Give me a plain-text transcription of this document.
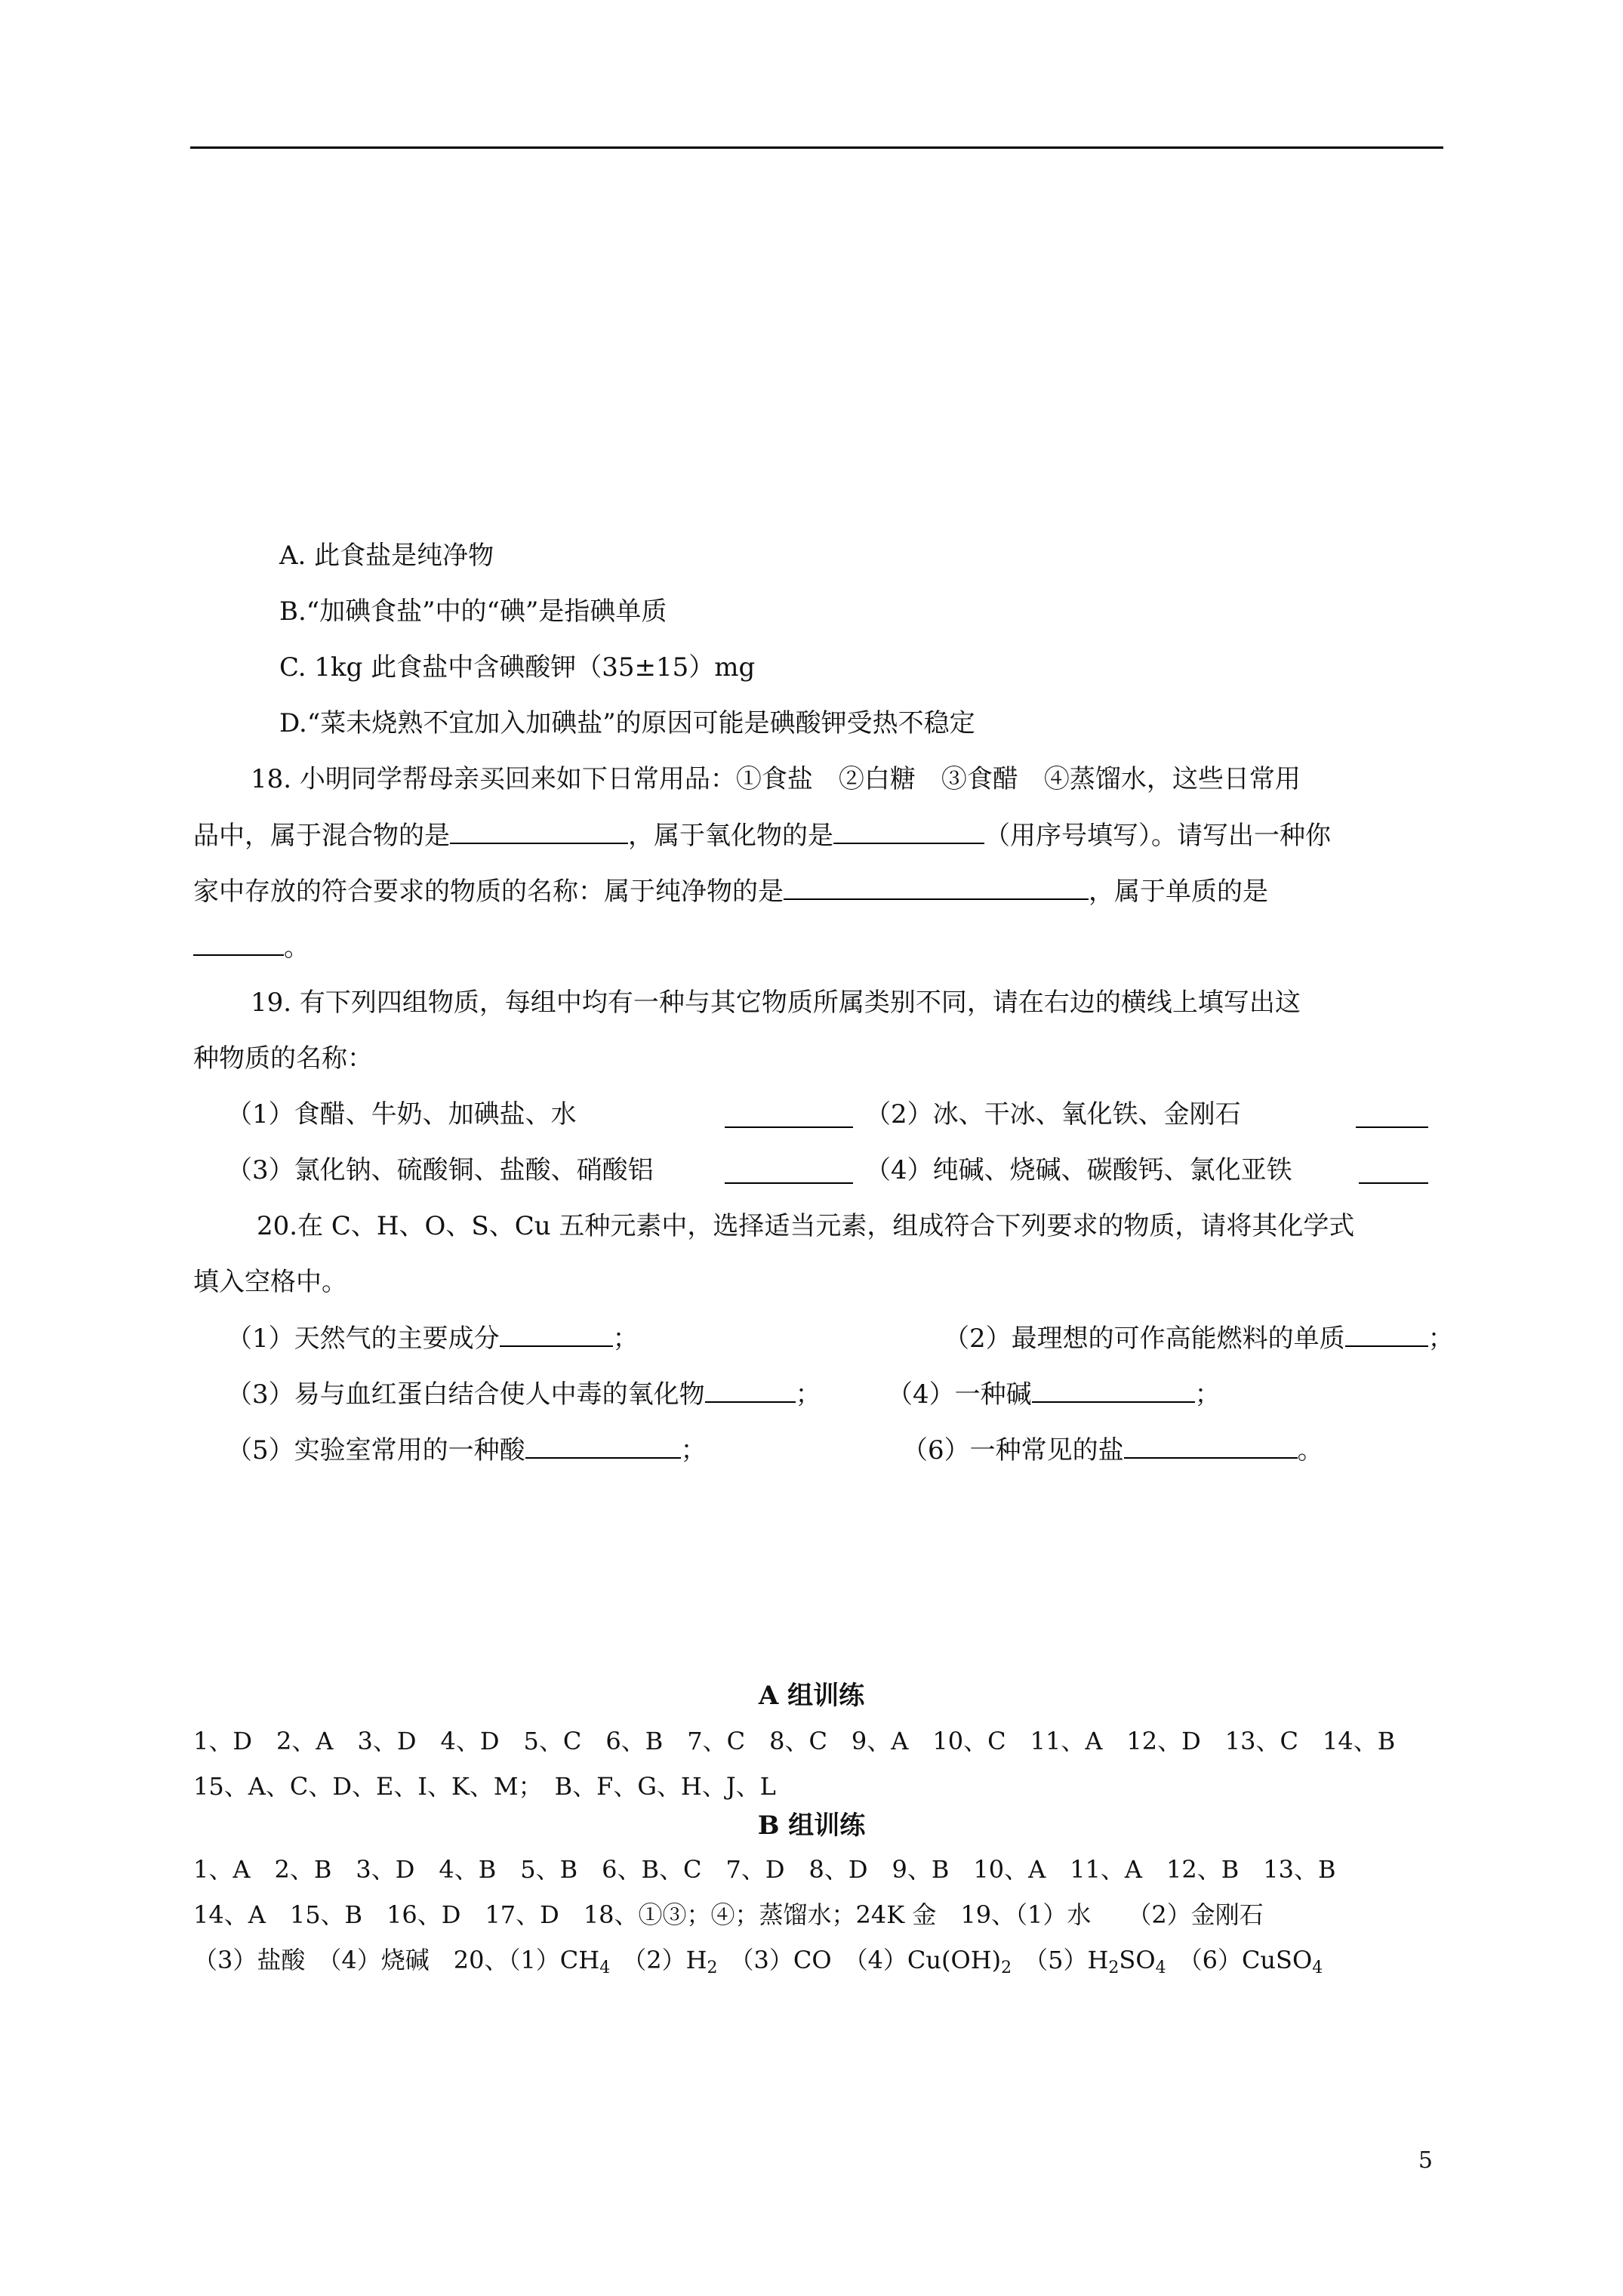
A. 此食盐是纯净物
B.“加碘食盐”中的“碘”是指碘单质
C. 1kg 此食盐中含碘酸钾（35±15）mg
D.“菜未烧熟不宜加入加碘盐”的原因可能是碘酸钾受热不稳定
18. 小明同学帮母亲买回来如下日常用品：①食盐　②白糖　③食醋　④蒸馏水，这些日常用
品中，属于混合物的是	，属于氧化物的是	（用序号填写）。请写出一种你
家中存放的符合要求的物质的名称：属于纯净物的是	，属于单质的是
。
19. 有下列四组物质，每组中均有一种与其它物质所属类别不同，请在右边的横线上填写出这
种物质的名称：
（1）食醋、牛奶、加碘盐、水	（2）冰、干冰、氧化铁、金刚石
（3）氯化钠、硫酸铜、盐酸、硝酸铝	（4）纯碱、烧碱、碳酸钙、氯化亚铁
20.在 C、H、O、S、Cu 五种元素中，选择适当元素，组成符合下列要求的物质，请将其化学式
填入空格中。
（1）天然气的主要成分	；	（2）最理想的可作高能燃料的单质	；
（3）易与血红蛋白结合使人中毒的氧化物	；	（4）一种碱	；
（5）实验室常用的一种酸	；	（6）一种常见的盐	。
A 组训练
1、D　2、A　3、D　4、D　5、C　6、B　7、C　8、C　9、A　10、C　11、A　12、D　13、C　14、B
15、A、C、D、E、I、K、M；　B、F、G、H、J、L
B 组训练
1、A　2、B　3、D　4、B　5、B　6、B、C　7、D　8、D　9、B　10、A　11、A　12、B　13、B
14、A　15、B　16、D　17、D　18、①③；④；蒸馏水；24K 金　19、（1）水　　（2）金刚石
（3）盐酸　（4）烧碱　20、$(1)CH_4$　$(2)H_2$　（3）CO　$(4)Cu(OH)_2$　$(5)H_2SO_4$　（6）CuSO$_4$
5
